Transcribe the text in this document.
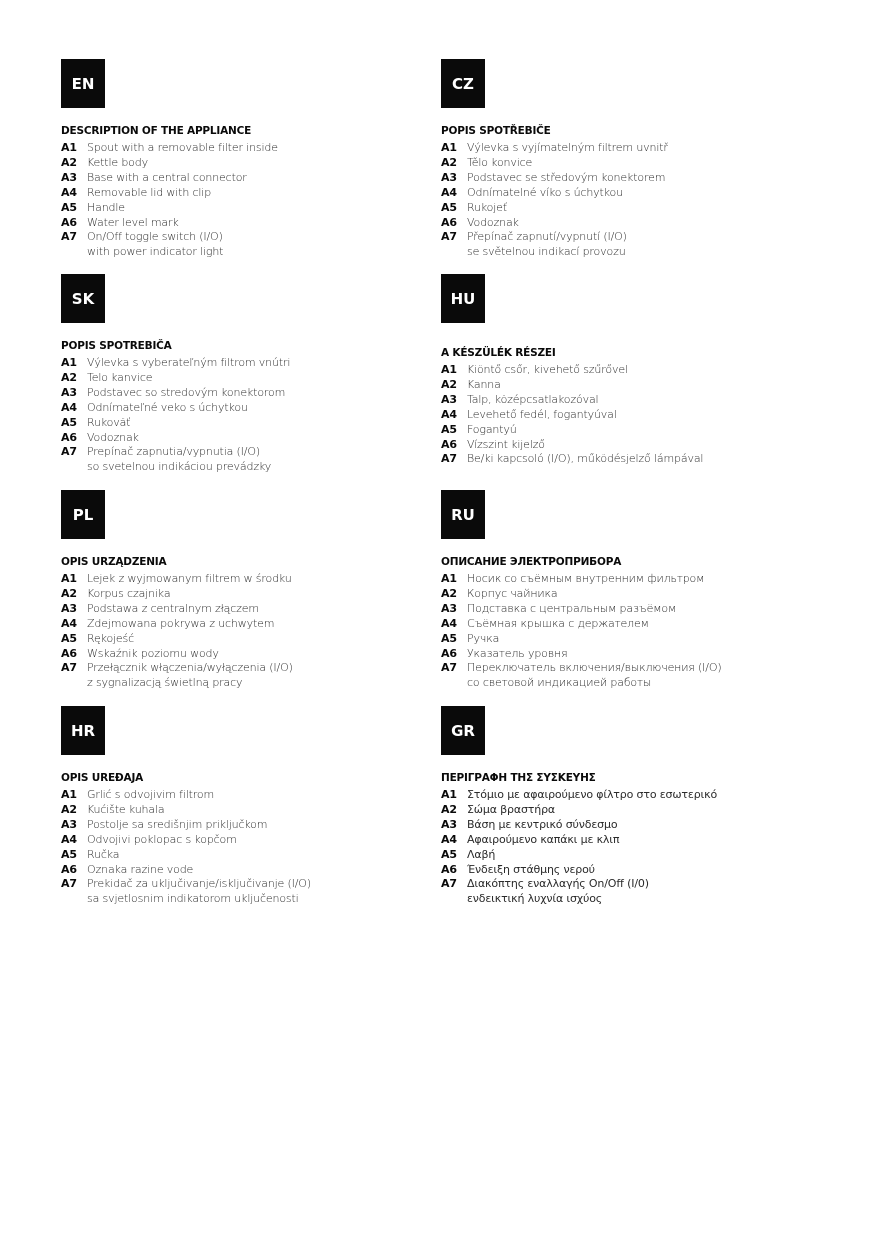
EN
DESCRIPTION OF THE APPLIANCE
A1 Spout with a removable filter inside
A2 Kettle body
A3 Base with a central connector
A4 Removable lid with clip
A5 Handle
A6 Water level mark
A7 On/Off toggle switch (I/O)
with power indicator light
CZ
POPIS SPOTŘEBIČE
A1 Výlevka s vyjímatelným filtrem uvnitř
A2 Tělo konvice
A3 Podstavec se středovým konektorem
A4 Odnímatelné víko s úchytkou
A5 Rukojeť
A6 Vodoznak
A7 Přepínač zapnutí/vypnutí (I/O)
se světelnou indikací provozu
SK
POPIS SPOTREBIČA
A1 Výlevka s vyberateľným filtrom vnútri
A2 Telo kanvice
A3 Podstavec so stredovým konektorom
A4 Odnímateľné veko s úchytkou
A5 Rukoväť
A6 Vodoznak
A7 Prepínač zapnutia/vypnutia (I/O)
so svetelnou indikáciou prevádzky
HU
A KÉSZÜLÉK RÉSZEI
A1 Kiöntő csőr, kivehető szűrővel
A2 Kanna
A3 Talp, középcsatlakozóval
A4 Levehető fedél, fogantyúval
A5 Fogantyú
A6 Vízszint kijelző
A7 Be/ki kapcsoló (I/O), működésjelző lámpával
PL
OPIS URZĄDZENIA
A1 Lejek z wyjmowanym filtrem w środku
A2 Korpus czajnika
A3 Podstawa z centralnym złączem
A4 Zdejmowana pokrywa z uchwytem
A5 Rękojeść
A6 Wskaźnik poziomu wody
A7 Przełącznik włączenia/wyłączenia (I/O)
z sygnalizacją świetlną pracy
RU
ОПИСАНИЕ ЭЛЕКТРОПРИБОРА
A1 Носик со съёмным внутренним фильтром
A2 Корпус чайника
A3 Подставка с центральным разъёмом
A4 Съёмная крышка с держателем
A5 Ручка
A6 Указатель уровня
A7 Переключатель включения/выключения (I/O)
со световой индикацией работы
HR
OPIS UREĐAJA
A1 Grlić s odvojivim filtrom
A2 Kućište kuhala
A3 Postolje sa središnjim priključkom
A4 Odvojivi poklopac s kopčom
A5 Ručka
A6 Oznaka razine vode
A7 Prekidač za uključivanje/isključivanje (I/O)
sa svjetlosnim indikatorom uključenosti
GR
ΠΕΡΙΓΡΑΦΗ ΤΗΣ ΣΥΣΚΕΥΗΣ
A1 Στόμιο με αφαιρούμενο φίλτρο στο εσωτερικό
A2 Σώμα βραστήρα
A3 Βάση με κεντρικό σύνδεσμο
A4 Αφαιρούμενο καπάκι με κλιπ
A5 Λαβή
A6 Ένδειξη στάθμης νερού
A7 Διακόπτης εναλλαγής On/Off (I/0)
ενδεικτική λυχνία ισχύος
